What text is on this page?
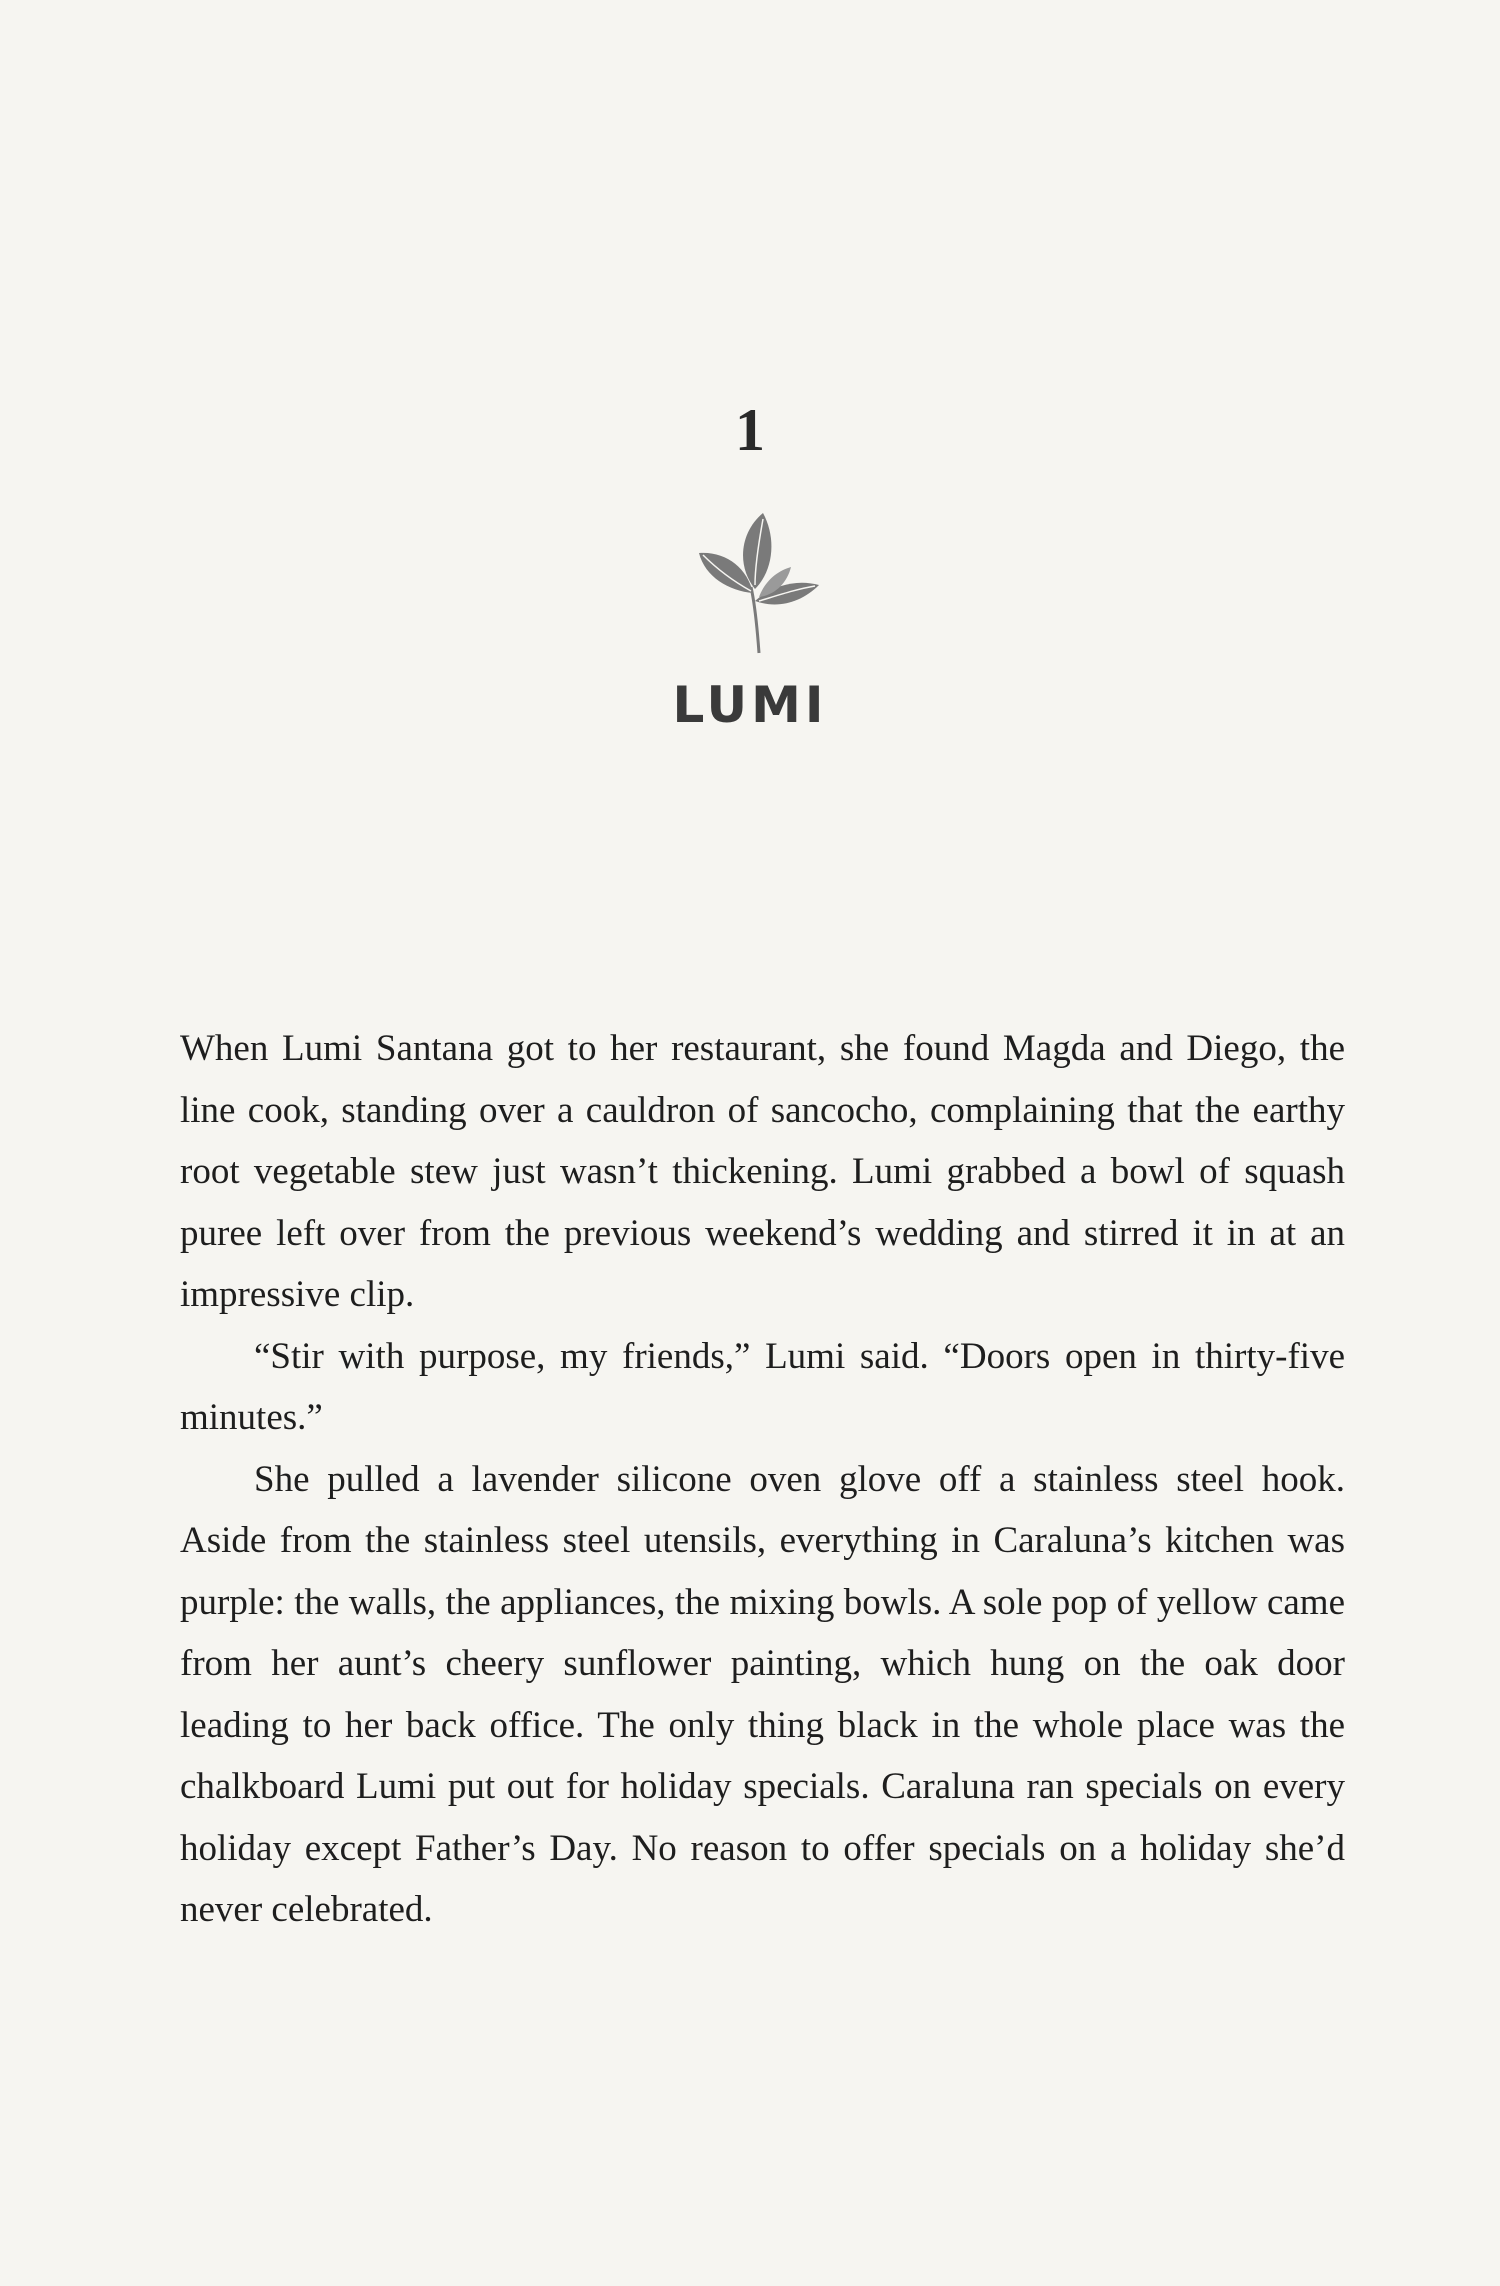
1
LUMI

When Lumi Santana got to her restaurant, she found Magda and Diego, the line cook, standing over a cauldron of sancocho, complaining that the earthy root vegetable stew just wasn’t thickening. Lumi grabbed a bowl of squash puree left over from the previous weekend’s wedding and stirred it in at an impressive clip.

“Stir with purpose, my friends,” Lumi said. “Doors open in thirty-five minutes.”

She pulled a lavender silicone oven glove off a stainless steel hook. Aside from the stainless steel utensils, everything in Caraluna’s kitchen was purple: the walls, the appliances, the mixing bowls. A sole pop of yellow came from her aunt’s cheery sunflower painting, which hung on the oak door leading to her back office. The only thing black in the whole place was the chalkboard Lumi put out for holiday specials. Caraluna ran specials on every holiday except Father’s Day. No reason to offer specials on a holiday she’d never celebrated.
